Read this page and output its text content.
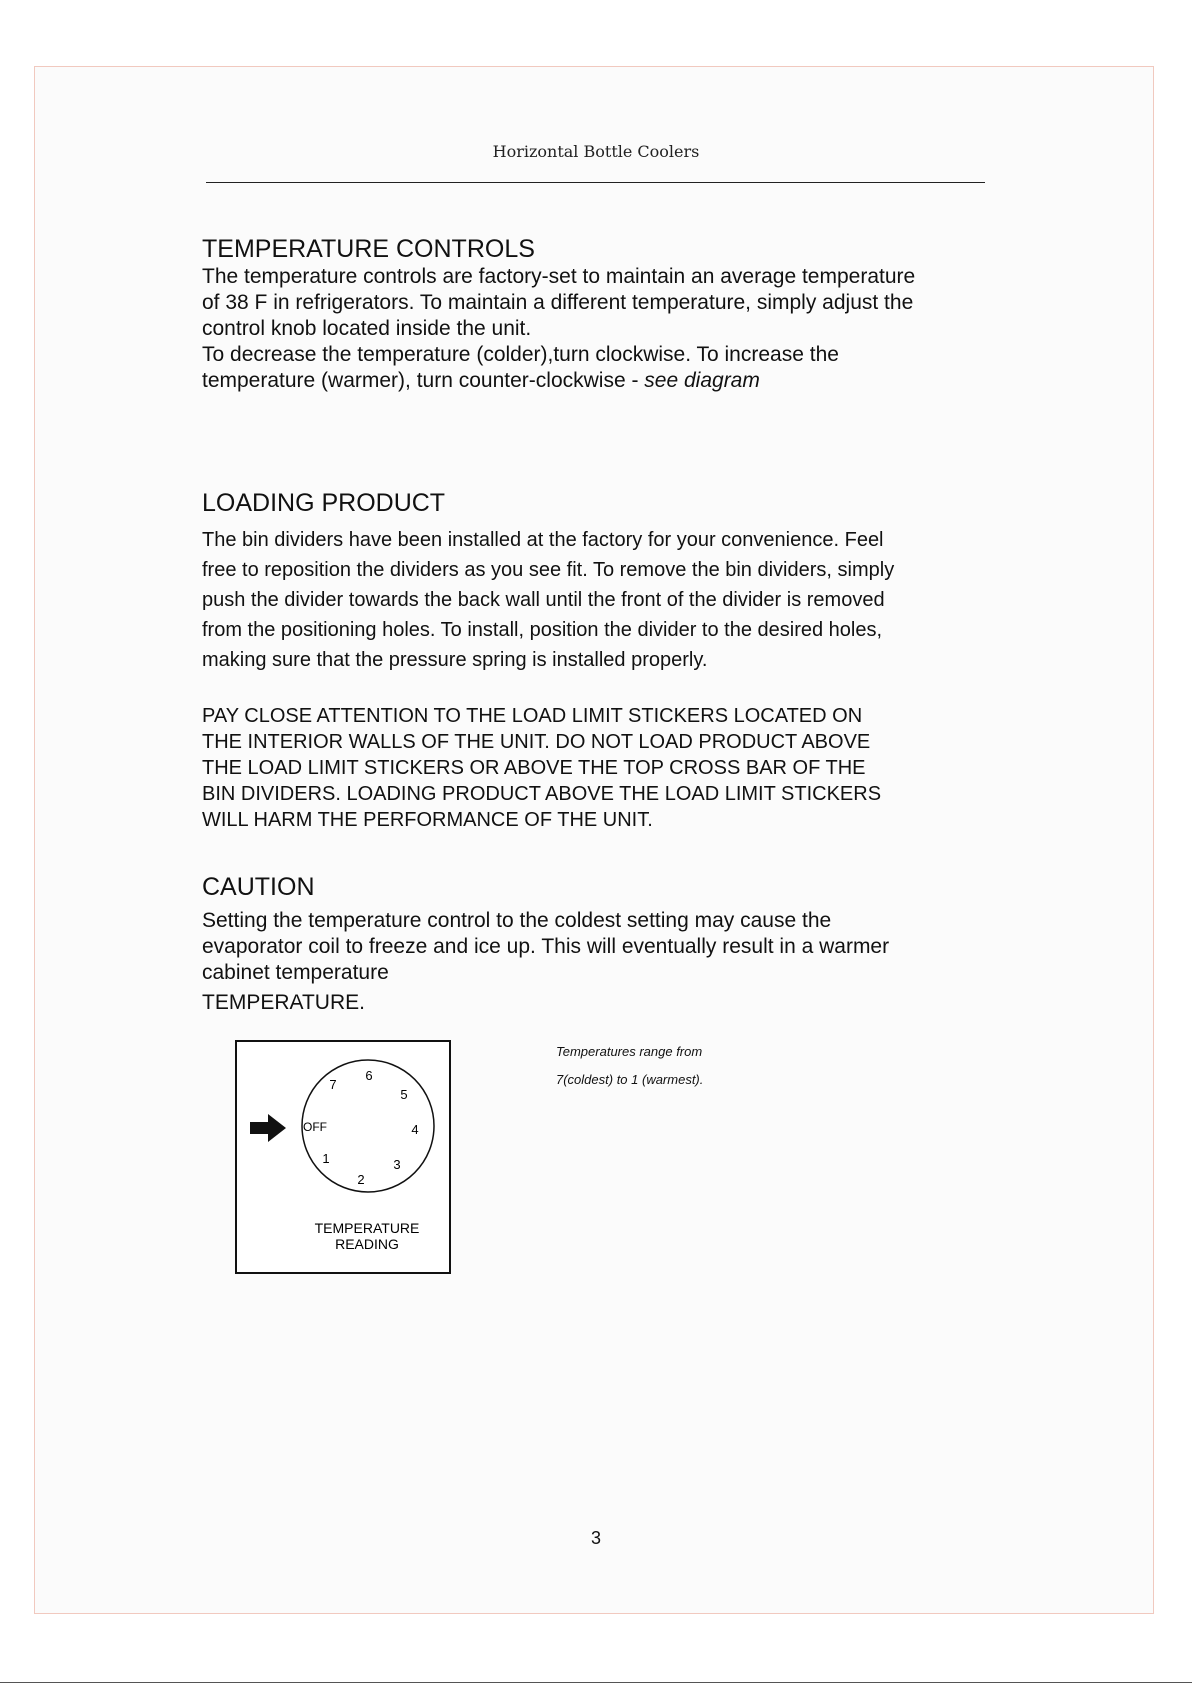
Horizontal Bottle Coolers
TEMPERATURE CONTROLS

The temperature controls are factory-set to maintain an average temperature

of 38 F in refrigerators. To maintain a different temperature, simply adjust the

control knob located inside the unit.

To decrease the temperature (colder),turn clockwise. To increase the

temperature (warmer), turn counter-clockwise - see diagram

LOADING PRODUCT

The bin dividers have been installed at the factory for your convenience. Feel

free to reposition the dividers as you see fit. To remove the bin dividers, simply

push the divider towards the back wall until the front of the divider is removed

from the positioning holes. To install, position the divider to the desired holes,

making sure that the pressure spring is installed properly.

PAY CLOSE ATTENTION TO THE LOAD LIMIT STICKERS LOCATED ON

THE INTERIOR WALLS OF THE UNIT. DO NOT LOAD PRODUCT ABOVE

THE LOAD LIMIT STICKERS OR ABOVE THE TOP CROSS BAR OF THE

BIN DIVIDERS. LOADING PRODUCT ABOVE THE LOAD LIMIT STICKERS

WILL HARM THE PERFORMANCE OF THE UNIT.

CAUTION

Setting the temperature control to the coldest setting may cause the

evaporator coil to freeze and ice up. This will eventually result in a warmer

cabinet temperature

TEMPERATURE.

6
5
4
3
2
1
OFF
7
TEMPERATURE
READING
Temperatures range from
7(coldest) to 1 (warmest).
3
